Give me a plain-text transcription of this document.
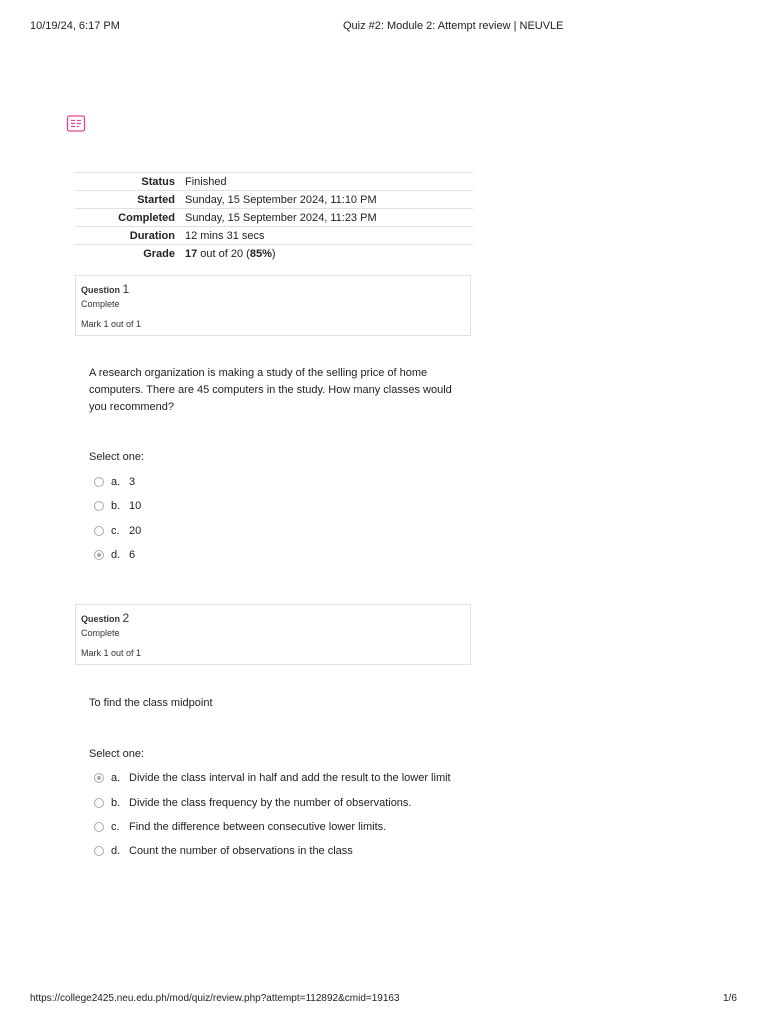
10/19/24, 6:17 PM	Quiz #2: Module 2: Attempt review | NEUVLE
Status	Finished
Started	Sunday, 15 September 2024, 11:10 PM
Completed	Sunday, 15 September 2024, 11:23 PM
Duration	12 mins 31 secs
Grade	17 out of 20 (85%)
Question 1
Complete
Mark 1 out of 1
A research organization is making a study of the selling price of home computers. There are 45 computers in the study. How many classes would you recommend?
Select one:
a. 3
b. 10
c. 20
d. 6
Question 2
Complete
Mark 1 out of 1
To find the class midpoint
Select one:
a. Divide the class interval in half and add the result to the lower limit
b. Divide the class frequency by the number of observations.
c. Find the difference between consecutive lower limits.
d. Count the number of observations in the class
https://college2425.neu.edu.ph/mod/quiz/review.php?attempt=112892&cmid=19163	1/6
